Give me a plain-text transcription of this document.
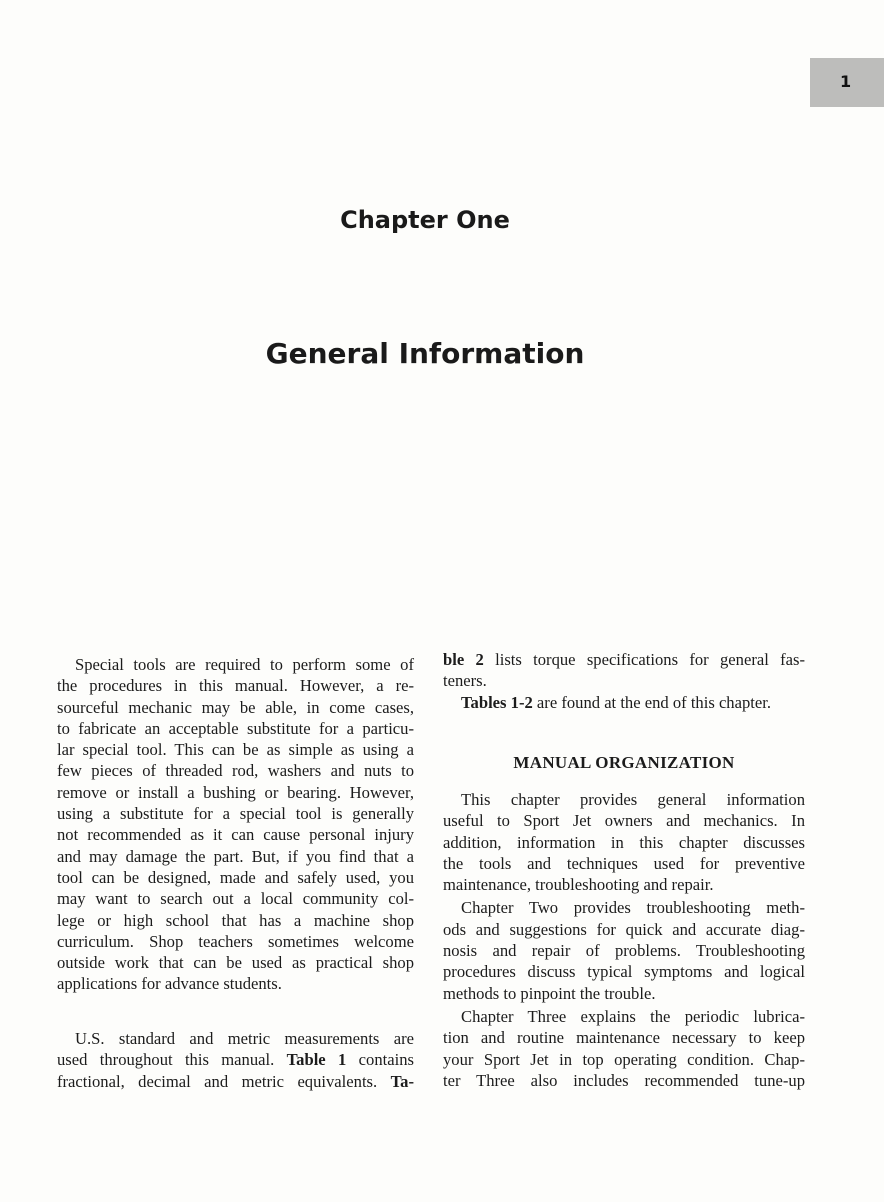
1
Chapter One
General Information
Special tools are required to perform some of
the procedures in this manual. However, a re-
sourceful mechanic may be able, in come cases,
to fabricate an acceptable substitute for a particu-
lar special tool. This can be as simple as using a
few pieces of threaded rod, washers and nuts to
remove or install a bushing or bearing. However,
using a substitute for a special tool is generally
not recommended as it can cause personal injury
and may damage the part. But, if you find that a
tool can be designed, made and safely used, you
may want to search out a local community col-
lege or high school that has a machine shop
curriculum. Shop teachers sometimes welcome
outside work that can be used as practical shop
applications for advance students.
U.S. standard and metric measurements are
used throughout this manual. Table 1 contains
fractional, decimal and metric equivalents. Ta-
ble 2 lists torque specifications for general fas-
teners.
Tables 1-2 are found at the end of this chapter.
MANUAL ORGANIZATION
This chapter provides general information
useful to Sport Jet owners and mechanics. In
addition, information in this chapter discusses
the tools and techniques used for preventive
maintenance, troubleshooting and repair.
Chapter Two provides troubleshooting meth-
ods and suggestions for quick and accurate diag-
nosis and repair of problems. Troubleshooting
procedures discuss typical symptoms and logical
methods to pinpoint the trouble.
Chapter Three explains the periodic lubrica-
tion and routine maintenance necessary to keep
your Sport Jet in top operating condition. Chap-
ter Three also includes recommended tune-up
